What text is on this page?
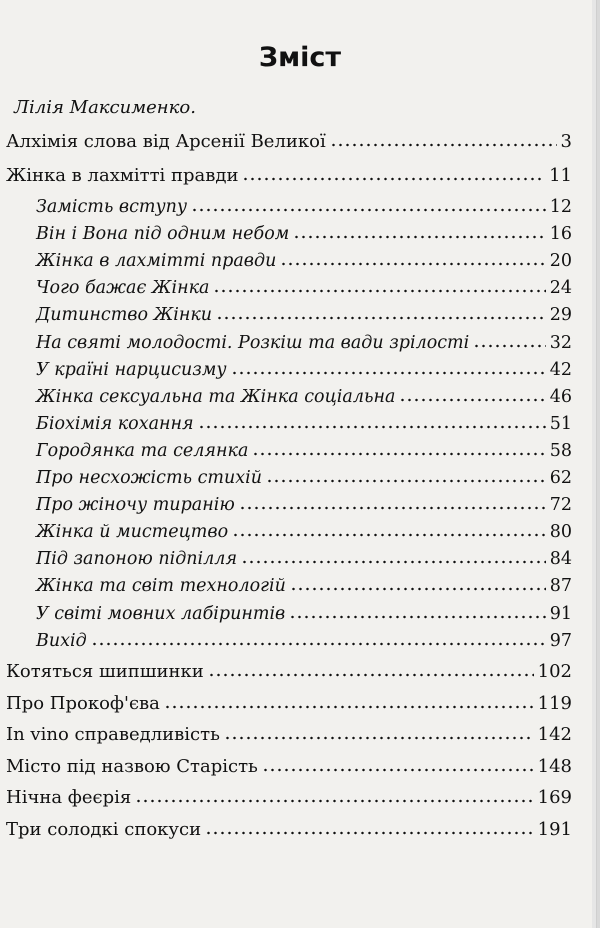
Зміст
Лілія Максименко.
Алхімія слова від Арсенії Великої	3
Жінка в лахмітті правди	11
Замість вступу	12
Він і Вона під одним небом	16
Жінка в лахмітті правди	20
Чого бажає Жінка	24
Дитинство Жінки	29
На святі молодості. Розкіш та вади зрілості	32
У країні нарцисизму	42
Жінка сексуальна та Жінка соціальна	46
Біохімія кохання	51
Городянка та селянка	58
Про несхожість стихій	62
Про жіночу тиранію	72
Жінка й мистецтво	80
Під запоною підпілля	84
Жінка та світ технологій	87
У світі мовних лабіринтів	91
Вихід	97
Котяться шипшинки	102
Про Прокоф'єва	119
In vino справедливість	142
Місто під назвою Старість	148
Нічна феєрія	169
Три солодкі спокуси	191
